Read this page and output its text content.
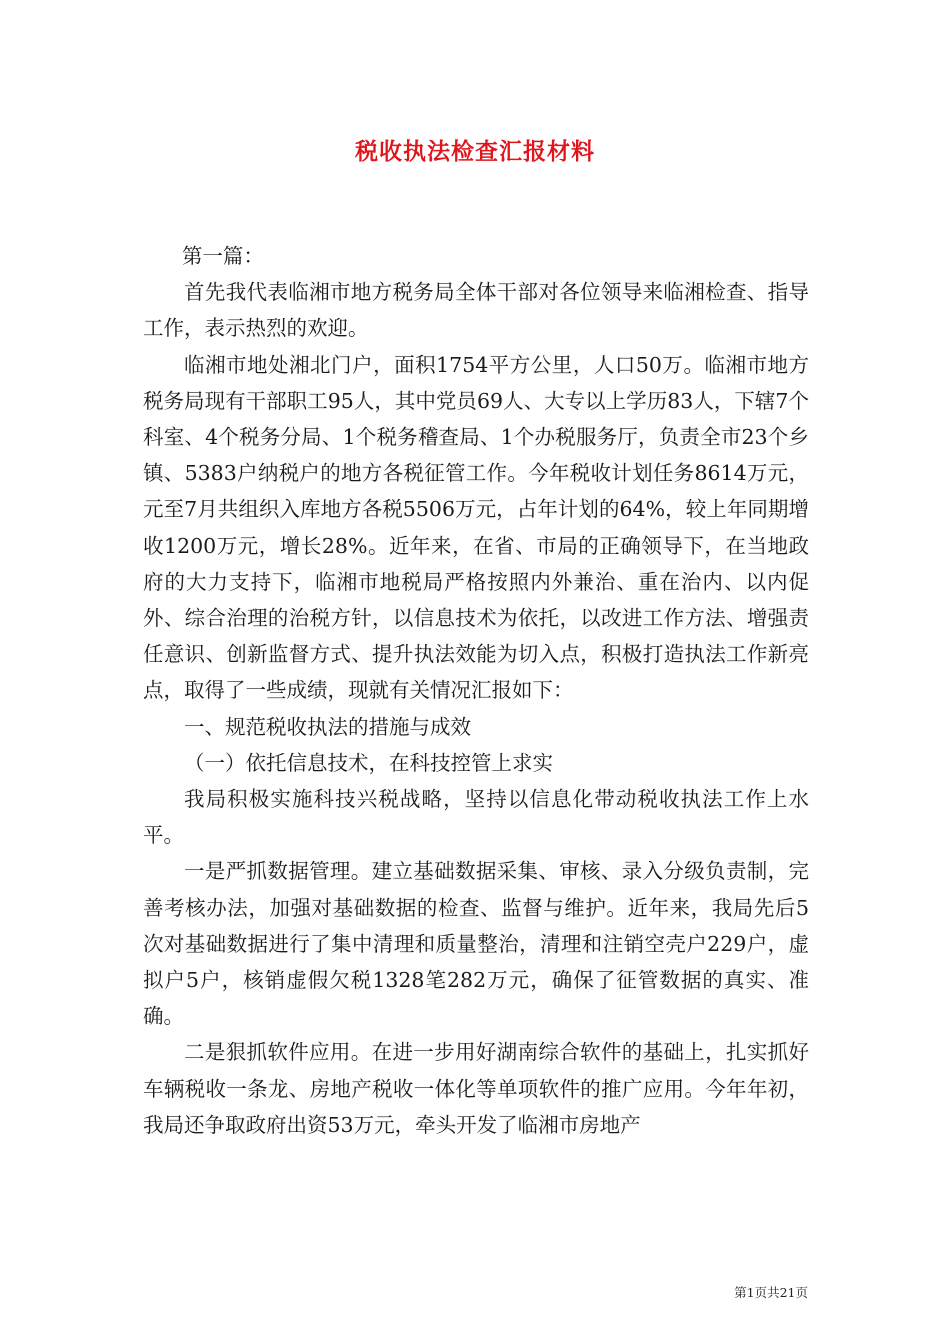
税收执法检查汇报材料

第一篇：

首先我代表临湘市地方税务局全体干部对各位领导来临湘检查、指导工作，表示热烈的欢迎。

临湘市地处湘北门户，面积1754平方公里，人口50万。临湘市地方税务局现有干部职工95人，其中党员69人、大专以上学历83人，下辖7个科室、4个税务分局、1个税务稽查局、1个办税服务厅，负责全市23个乡镇、5383户纳税户的地方各税征管工作。今年税收计划任务8614万元，元至7月共组织入库地方各税5506万元，占年计划的64%，较上年同期增收1200万元，增长28%。近年来，在省、市局的正确领导下，在当地政府的大力支持下，临湘市地税局严格按照内外兼治、重在治内、以内促外、综合治理的治税方针，以信息技术为依托，以改进工作方法、增强责任意识、创新监督方式、提升执法效能为切入点，积极打造执法工作新亮点，取得了一些成绩，现就有关情况汇报如下：

一、规范税收执法的措施与成效

（一）依托信息技术，在科技控管上求实

我局积极实施科技兴税战略，坚持以信息化带动税收执法工作上水平。

一是严抓数据管理。建立基础数据采集、审核、录入分级负责制，完善考核办法，加强对基础数据的检查、监督与维护。近年来，我局先后5次对基础数据进行了集中清理和质量整治，清理和注销空壳户229户，虚拟户5户，核销虚假欠税1328笔282万元，确保了征管数据的真实、准确。

二是狠抓软件应用。在进一步用好湖南综合软件的基础上，扎实抓好车辆税收一条龙、房地产税收一体化等单项软件的推广应用。今年年初，我局还争取政府出资53万元，牵头开发了临湘市房地产

第1页共21页
